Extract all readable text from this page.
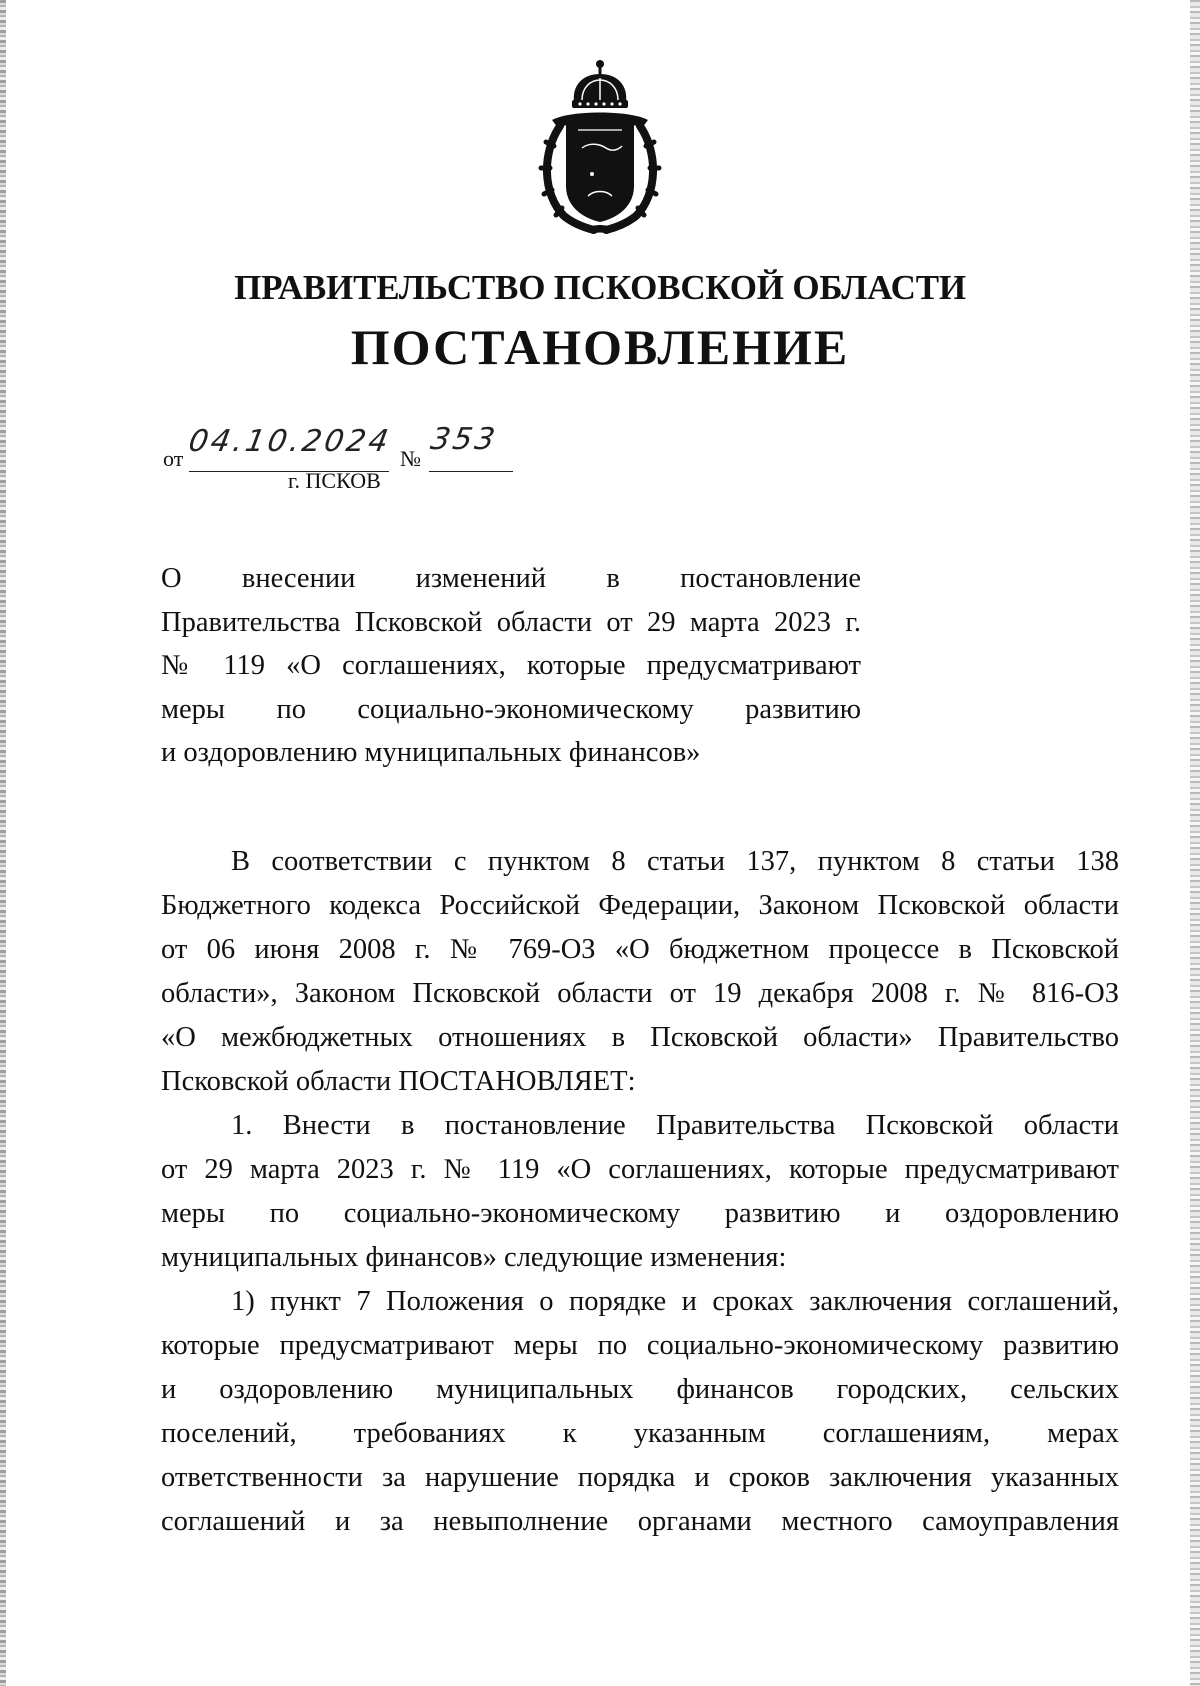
ПРАВИТЕЛЬСТВО ПСКОВСКОЙ ОБЛАСТИ
ПОСТАНОВЛЕНИЕ
от 04.10.2024 №
353
г. ПСКОВ
О внесении изменений в постановление
Правительства Псковской области от 29 марта 2023 г.
№ 119 «О соглашениях, которые предусматривают
меры по социально-экономическому развитию
и оздоровлению муниципальных финансов»
В соответствии с пунктом 8 статьи 137, пунктом 8 статьи 138
Бюджетного кодекса Российской Федерации, Законом Псковской области
от 06 июня 2008 г. № 769-ОЗ «О бюджетном процессе в Псковской
области», Законом Псковской области от 19 декабря 2008 г. № 816-ОЗ
«О межбюджетных отношениях в Псковской области» Правительство
Псковской области ПОСТАНОВЛЯЕТ:
1. Внести в постановление Правительства Псковской области
от 29 марта 2023 г. № 119 «О соглашениях, которые предусматривают
меры по социально-экономическому развитию и оздоровлению
муниципальных финансов» следующие изменения:
1) пункт 7 Положения о порядке и сроках заключения соглашений,
которые предусматривают меры по социально-экономическому развитию
и оздоровлению муниципальных финансов городских, сельских
поселений, требованиях к указанным соглашениям, мерах
ответственности за нарушение порядка и сроков заключения указанных
соглашений и за невыполнение органами местного самоуправления
